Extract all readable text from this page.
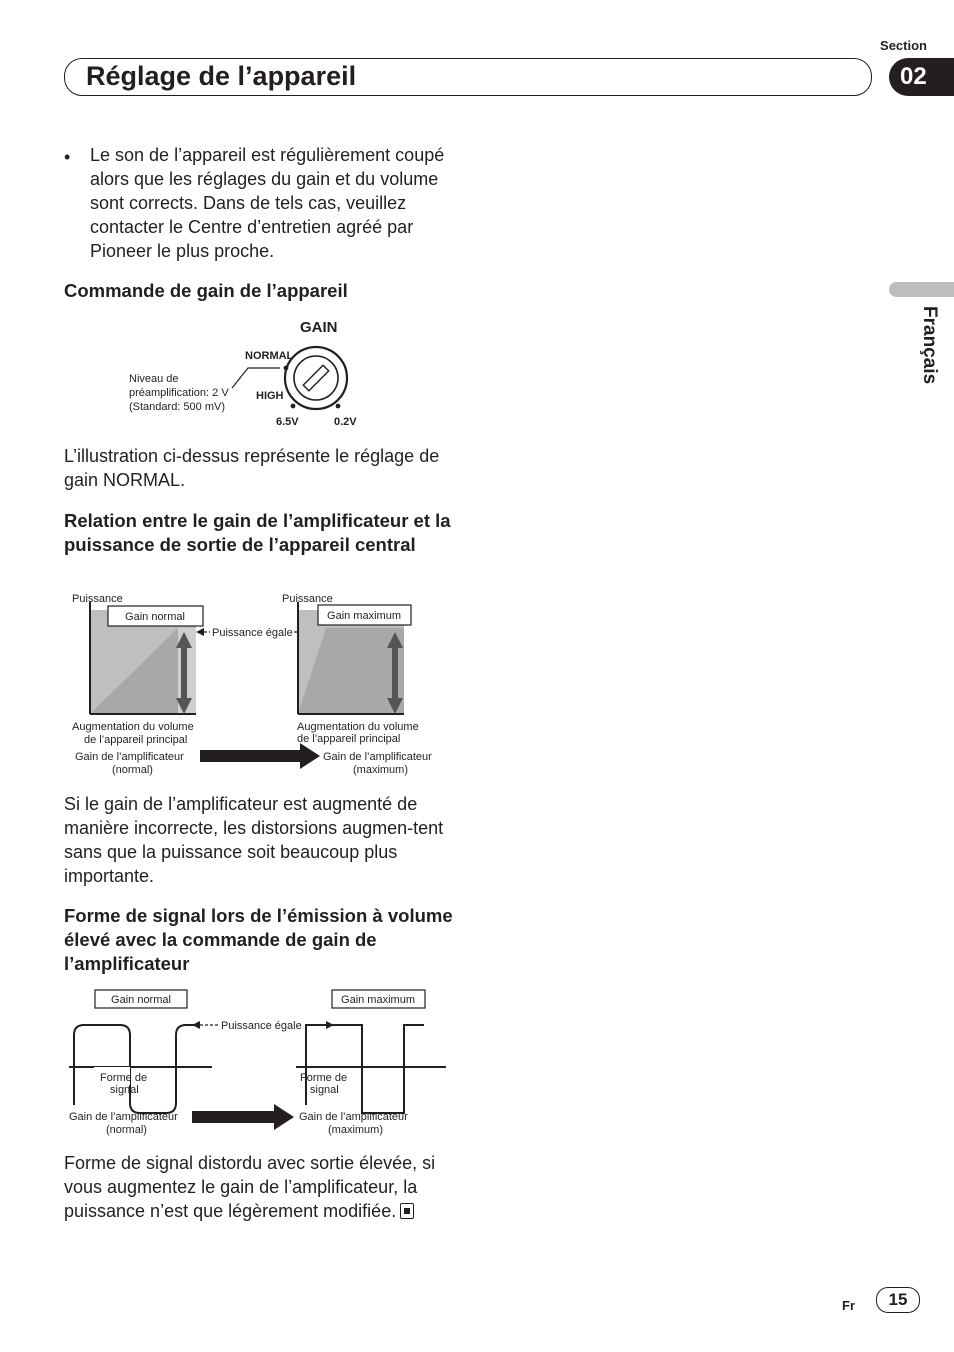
Section
Réglage de l’appareil	02
Français
• Le son de l’appareil est régulièrement coupé alors que les réglages du gain et du volume sont corrects. Dans de tels cas, veuillez contacter le Centre d’entretien agréé par Pioneer le plus proche.
Commande de gain de l’appareil
GAIN
NORMAL
HIGH
6.5V	0.2V
Niveau de
préamplification: 2 V
(Standard: 500 mV)
L’illustration ci-dessus représente le réglage de gain NORMAL.
Relation entre le gain de l’amplificateur et la puissance de sortie de l’appareil central
Puissance
Gain normal
Augmentation du volume
de l’appareil principal
Gain de l’amplificateur
(normal)
Puissance égale
Puissance
Gain maximum
Augmentation du volume
de l’appareil principal
Gain de l’amplificateur
(maximum)
Si le gain de l’amplificateur est augmenté de manière incorrecte, les distorsions augmen-tent sans que la puissance soit beaucoup plus importante.
Forme de signal lors de l’émission à volume élevé avec la commande de gain de l’amplificateur
Gain normal	Gain maximum
Puissance égale
Forme de
signal
Forme de
signal
Gain de l’amplificateur
(normal)
Gain de l’amplificateur
(maximum)
Forme de signal distordu avec sortie élevée, si vous augmentez le gain de l’amplificateur, la puissance n’est que légèrement modifiée.
Fr	15
